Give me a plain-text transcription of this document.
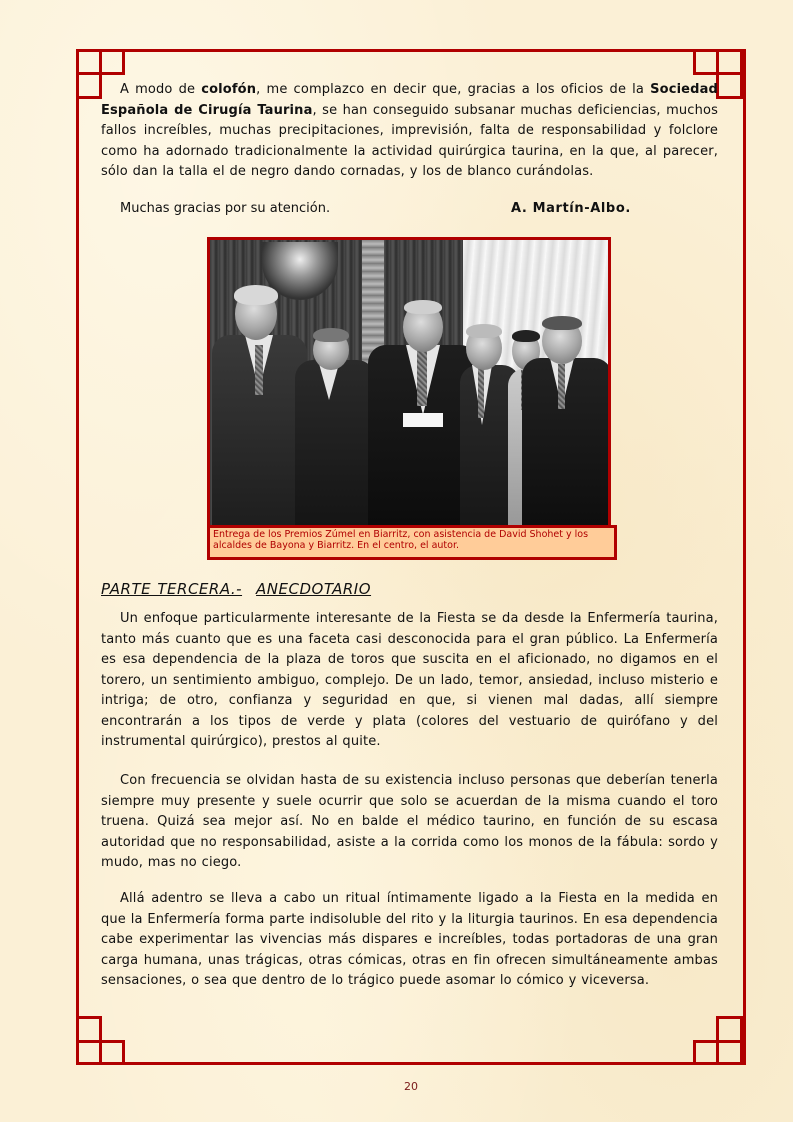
A modo de colofón, me complazco en decir que, gracias a los oficios de la Sociedad Española de Cirugía Taurina, se han conseguido subsanar muchas deficiencias, muchos fallos increíbles, muchas precipitaciones, imprevisión, falta de responsabilidad y folclore como ha adornado tradicionalmente la actividad quirúrgica taurina, en la que, al parecer, sólo dan la talla el de negro dando cornadas, y los de blanco curándolas.

Muchas gracias por su atención.	A. Martín-Albo.
Entrega de los Premios Zúmel en Biarritz, con asistencia de David Shohet y los alcaldes de Bayona y Biarritz. En el centro, el autor.
PARTE TERCERA.- ANECDOTARIO

Un enfoque particularmente interesante de la Fiesta se da desde la Enfermería taurina, tanto más cuanto que es una faceta casi desconocida para el gran público. La Enfermería es esa dependencia de la plaza de toros que suscita en el aficionado, no digamos en el torero, un sentimiento ambiguo, complejo. De un lado, temor, ansiedad, incluso misterio e intriga; de otro, confianza y seguridad en que, si vienen mal dadas, allí siempre encontrarán a los tipos de verde y plata (colores del vestuario de quirófano y del instrumental quirúrgico), prestos al quite.

Con frecuencia se olvidan hasta de su existencia incluso personas que deberían tenerla siempre muy presente y suele ocurrir que solo se acuerdan de la misma cuando el toro truena. Quizá sea mejor así. No en balde el médico taurino, en función de su escasa autoridad que no responsabilidad, asiste a la corrida como los monos de la fábula: sordo y mudo, mas no ciego.

Allá adentro se lleva a cabo un ritual íntimamente ligado a la Fiesta en la medida en que la Enfermería forma parte indisoluble del rito y la liturgia taurinos. En esa dependencia cabe experimentar las vivencias más dispares e increíbles, todas portadoras de una gran carga humana, unas trágicas, otras cómicas, otras en fin ofrecen simultáneamente ambas sensaciones, o sea que dentro de lo trágico puede asomar lo cómico y viceversa.

20
